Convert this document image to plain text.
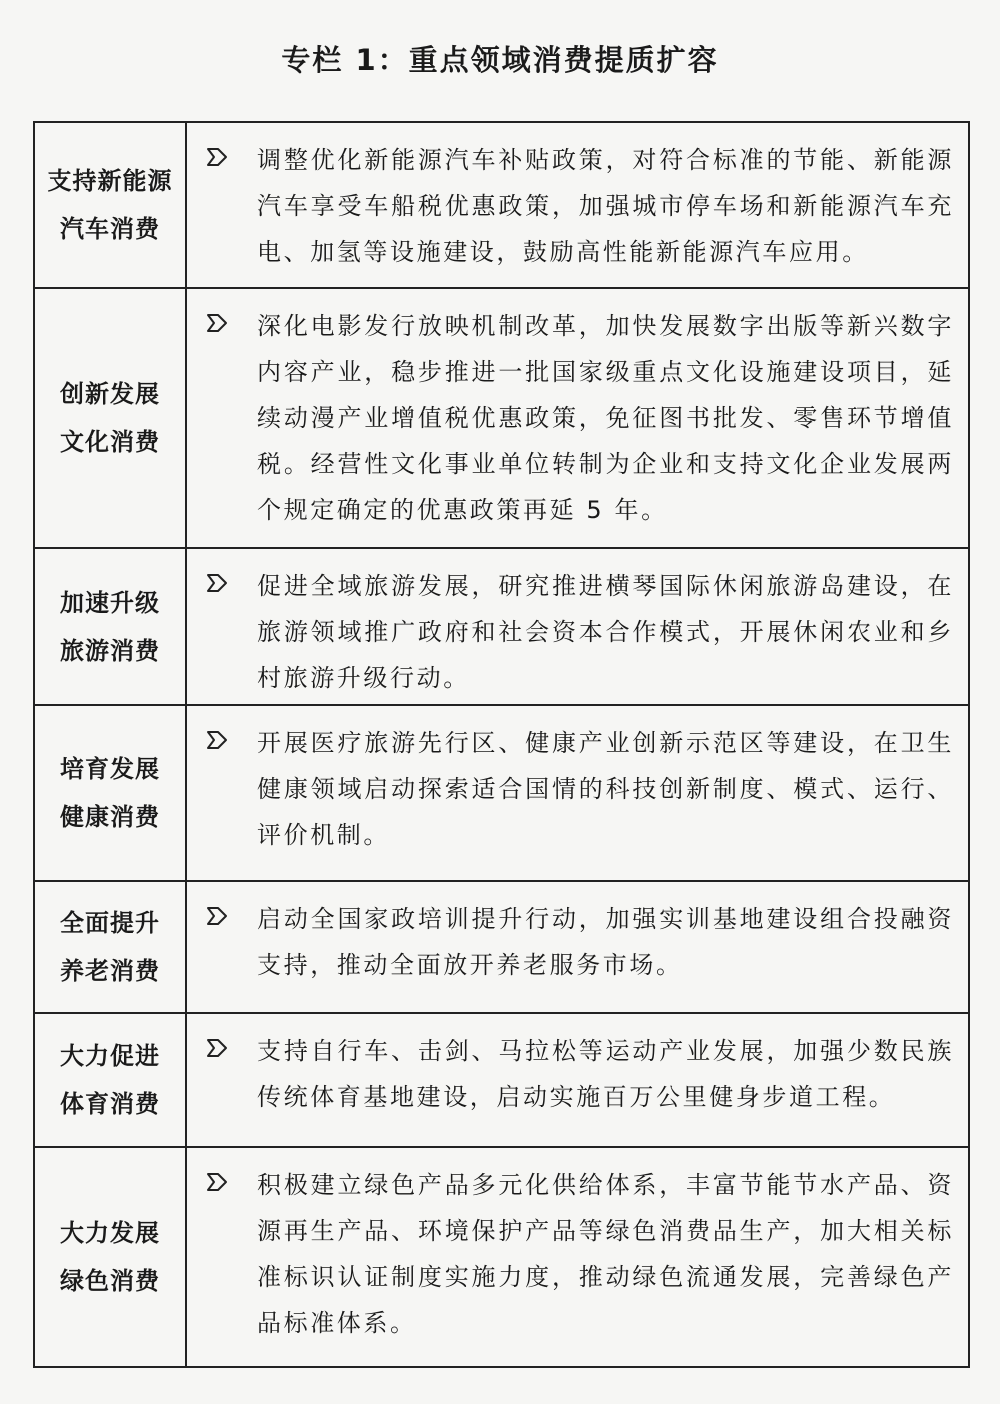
专栏 1：重点领域消费提质扩容
支持新能源
汽车消费
调整优化新能源汽车补贴政策，对符合标准的节能、新能源汽车享受车船税优惠政策，加强城市停车场和新能源汽车充电、加氢等设施建设，鼓励高性能新能源汽车应用。
创新发展
文化消费
深化电影发行放映机制改革，加快发展数字出版等新兴数字内容产业，稳步推进一批国家级重点文化设施建设项目，延续动漫产业增值税优惠政策，免征图书批发、零售环节增值税。经营性文化事业单位转制为企业和支持文化企业发展两个规定确定的优惠政策再延 5 年。
加速升级
旅游消费
促进全域旅游发展，研究推进横琴国际休闲旅游岛建设，在旅游领域推广政府和社会资本合作模式，开展休闲农业和乡村旅游升级行动。
培育发展
健康消费
开展医疗旅游先行区、健康产业创新示范区等建设，在卫生健康领域启动探索适合国情的科技创新制度、模式、运行、评价机制。
全面提升
养老消费
启动全国家政培训提升行动，加强实训基地建设组合投融资支持，推动全面放开养老服务市场。
大力促进
体育消费
支持自行车、击剑、马拉松等运动产业发展，加强少数民族传统体育基地建设，启动实施百万公里健身步道工程。
大力发展
绿色消费
积极建立绿色产品多元化供给体系，丰富节能节水产品、资源再生产品、环境保护产品等绿色消费品生产，加大相关标准标识认证制度实施力度，推动绿色流通发展，完善绿色产品标准体系。
